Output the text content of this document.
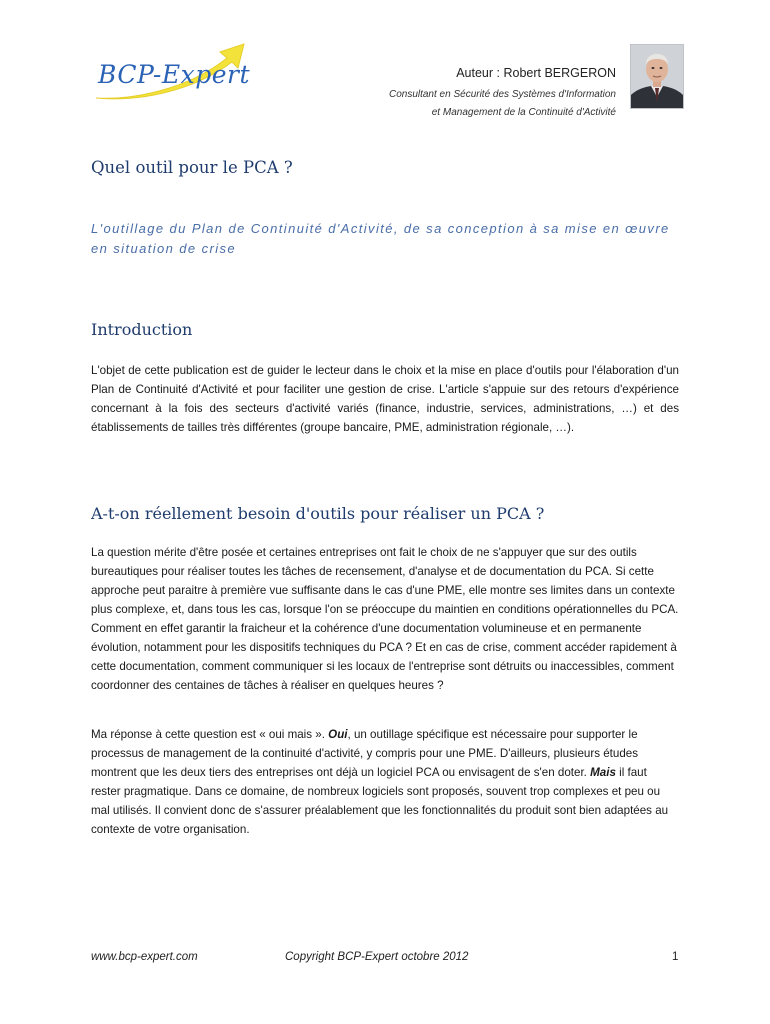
BCP-Expert	Auteur : Robert BERGERON
Consultant en Sécurité des Systèmes d'Information
et Management de la Continuité d'Activité
Quel outil pour le PCA ?

L'outillage du Plan de Continuité d'Activité, de sa conception à sa mise en œuvre en situation de crise

Introduction

L'objet de cette publication est de guider le lecteur dans le choix et la mise en place d'outils pour l'élaboration d'un Plan de Continuité d'Activité et pour faciliter une gestion de crise. L'article s'appuie sur des retours d'expérience concernant à la fois des secteurs d'activité variés (finance, industrie, services, administrations, …) et des établissements de tailles très différentes (groupe bancaire, PME, administration régionale, …).

A-t-on réellement besoin d'outils pour réaliser un PCA ?

La question mérite d'être posée et certaines entreprises ont fait le choix de ne s'appuyer que sur des outils bureautiques pour réaliser toutes les tâches de recensement, d'analyse et de documentation du PCA. Si cette approche peut paraitre à première vue suffisante dans le cas d'une PME, elle montre ses limites dans un contexte plus complexe, et, dans tous les cas, lorsque l'on se préoccupe du maintien en conditions opérationnelles du PCA. Comment en effet garantir la fraicheur et la cohérence d'une documentation volumineuse et en permanente évolution, notamment pour les dispositifs techniques du PCA ? Et en cas de crise, comment accéder rapidement à cette documentation, comment communiquer si les locaux de l'entreprise sont détruits ou inaccessibles, comment coordonner des centaines de tâches à réaliser en quelques heures ?

Ma réponse à cette question est « oui mais ». Oui, un outillage spécifique est nécessaire pour supporter le processus de management de la continuité d'activité, y compris pour une PME. D'ailleurs, plusieurs études montrent que les deux tiers des entreprises ont déjà un logiciel PCA ou envisagent de s'en doter. Mais il faut rester pragmatique. Dans ce domaine, de nombreux logiciels sont proposés, souvent trop complexes et peu ou mal utilisés. Il convient donc de s'assurer préalablement que les fonctionnalités du produit sont bien adaptées au contexte de votre organisation.

www.bcp-expert.com	Copyright BCP-Expert octobre 2012	1
